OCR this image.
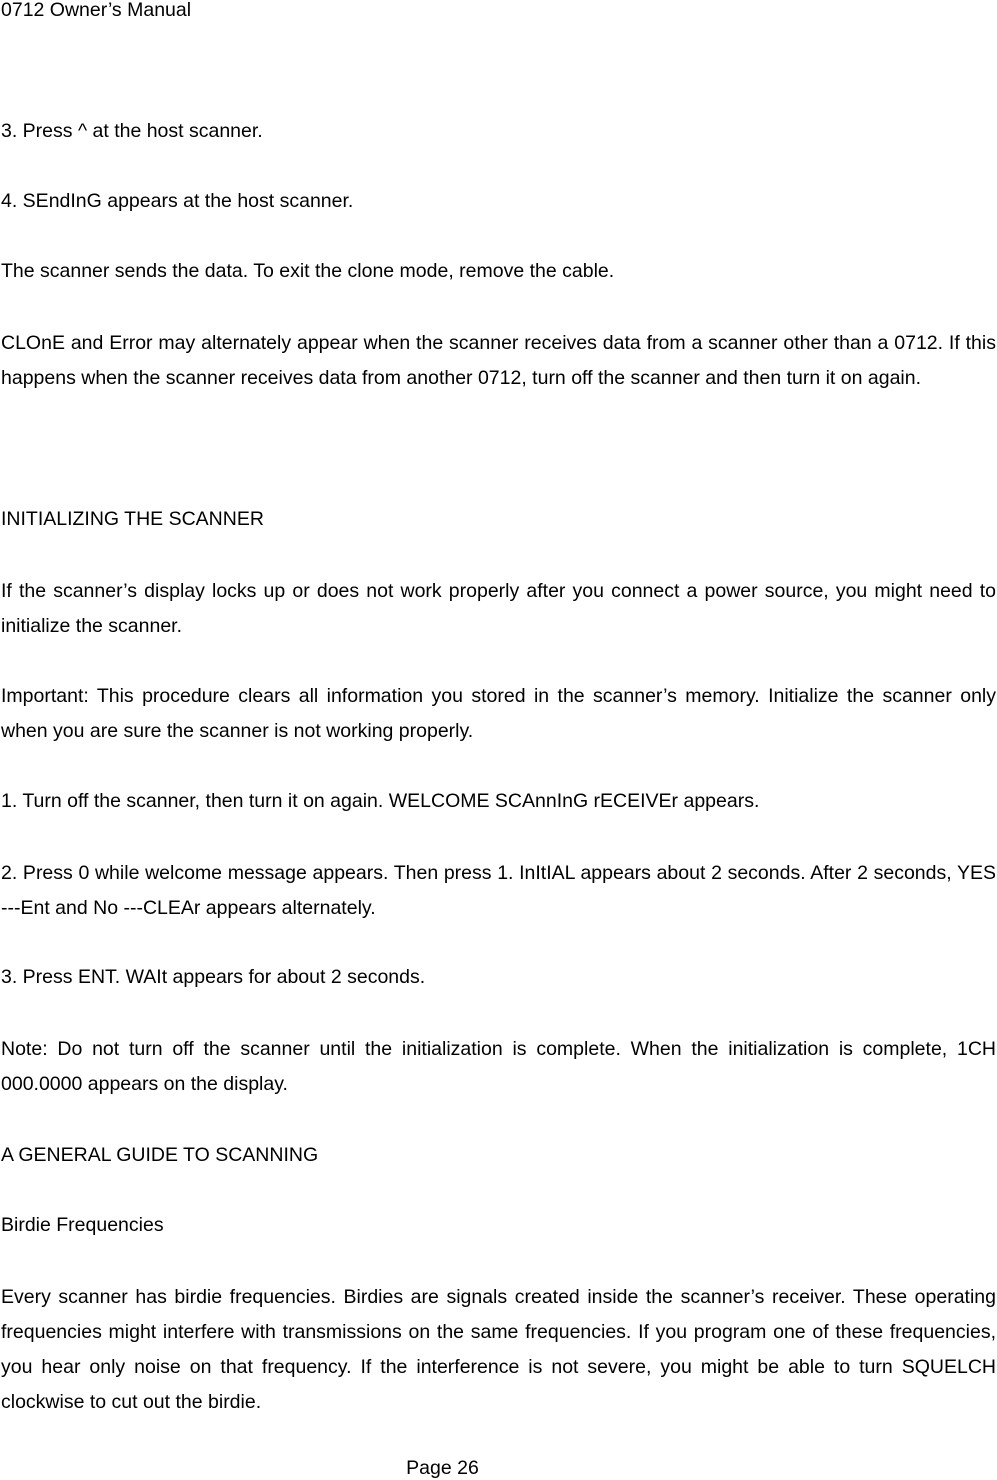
0712 Owner’s Manual

3. Press ^ at the host scanner.

4. SEndInG appears at the host scanner.

The scanner sends the data. To exit the clone mode, remove the cable.

CLOnE and Error may alternately appear when the scanner receives data from a scanner other than a 0712. If this happens when the scanner receives data from another 0712, turn off the scanner and then turn it on again.

INITIALIZING THE SCANNER

If the scanner’s display locks up or does not work properly after you connect a power source, you might need to initialize the scanner.

Important: This procedure clears all information you stored in the scanner’s memory. Initialize the scanner only when you are sure the scanner is not working properly.

1. Turn off the scanner, then turn it on again. WELCOME SCAnnInG rECEIVEr appears.

2. Press 0 while welcome message appears. Then press 1. InItIAL appears about 2 seconds. After 2 seconds, YES ---Ent and No ---CLEAr appears alternately.

3. Press ENT. WAIt appears for about 2 seconds.

Note: Do not turn off the scanner until the initialization is complete. When the initialization is complete, 1CH 000.0000 appears on the display.

A GENERAL GUIDE TO SCANNING

Birdie Frequencies

Every scanner has birdie frequencies. Birdies are signals created inside the scanner’s receiver. These operating frequencies might interfere with transmissions on the same frequencies. If you program one of these frequencies, you hear only noise on that frequency. If the interference is not severe, you might be able to turn SQUELCH clockwise to cut out the birdie.

Page 26
